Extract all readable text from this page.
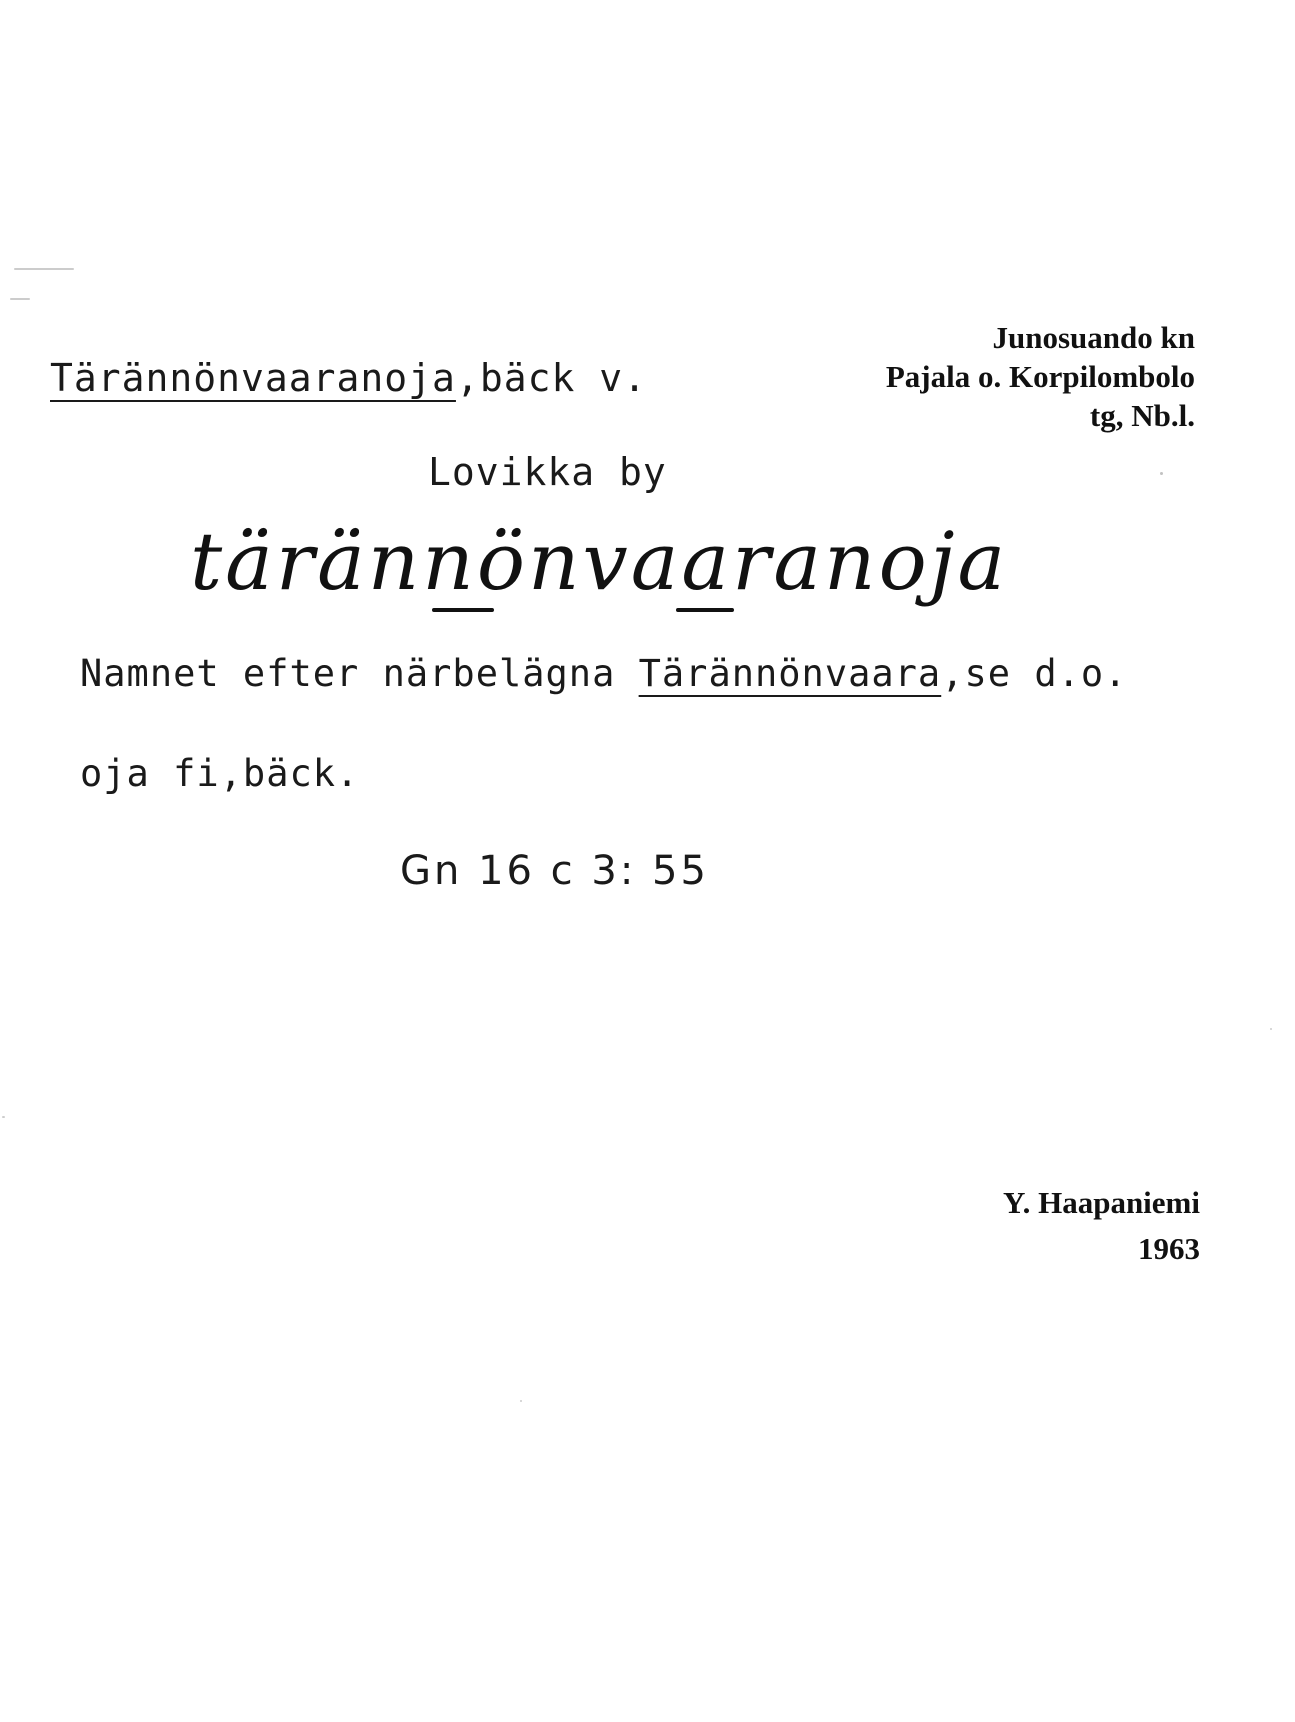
Junosuando kn
Pajala o. Korpilombolo
tg, Nb.l.
Tärännönvaaranoja,bäck v.
Lovikka by
tärännönvaaranoja
Namnet efter närbelägna Tärännönvaara,se d.o.
oja fi,bäck.
Gn 16 c 3: 55
Y. Haapaniemi
1963
